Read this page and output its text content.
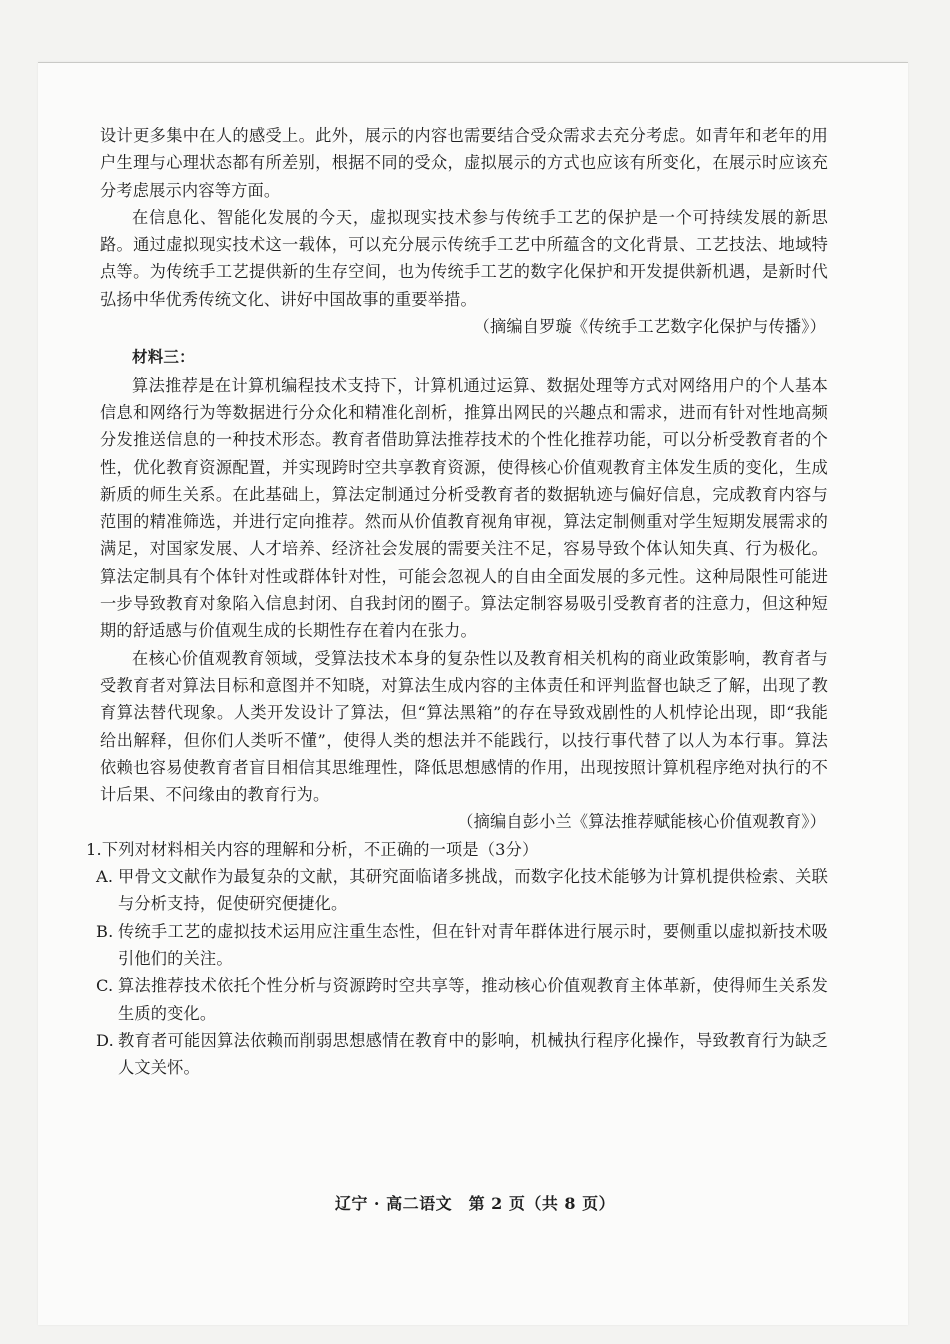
设计更多集中在人的感受上。此外，展示的内容也需要结合受众需求去充分考虑。如青年和老年的用户生理与心理状态都有所差别，根据不同的受众，虚拟展示的方式也应该有所变化，在展示时应该充分考虑展示内容等方面。

在信息化、智能化发展的今天，虚拟现实技术参与传统手工艺的保护是一个可持续发展的新思路。通过虚拟现实技术这一载体，可以充分展示传统手工艺中所蕴含的文化背景、工艺技法、地域特点等。为传统手工艺提供新的生存空间，也为传统手工艺的数字化保护和开发提供新机遇，是新时代弘扬中华优秀传统文化、讲好中国故事的重要举措。

（摘编自罗璇《传统手工艺数字化保护与传播》）

材料三：

算法推荐是在计算机编程技术支持下，计算机通过运算、数据处理等方式对网络用户的个人基本信息和网络行为等数据进行分众化和精准化剖析，推算出网民的兴趣点和需求，进而有针对性地高频分发推送信息的一种技术形态。教育者借助算法推荐技术的个性化推荐功能，可以分析受教育者的个性，优化教育资源配置，并实现跨时空共享教育资源，使得核心价值观教育主体发生质的变化，生成新质的师生关系。在此基础上，算法定制通过分析受教育者的数据轨迹与偏好信息，完成教育内容与范围的精准筛选，并进行定向推荐。然而从价值教育视角审视，算法定制侧重对学生短期发展需求的满足，对国家发展、人才培养、经济社会发展的需要关注不足，容易导致个体认知失真、行为极化。算法定制具有个体针对性或群体针对性，可能会忽视人的自由全面发展的多元性。这种局限性可能进一步导致教育对象陷入信息封闭、自我封闭的圈子。算法定制容易吸引受教育者的注意力，但这种短期的舒适感与价值观生成的长期性存在着内在张力。

在核心价值观教育领域，受算法技术本身的复杂性以及教育相关机构的商业政策影响，教育者与受教育者对算法目标和意图并不知晓，对算法生成内容的主体责任和评判监督也缺乏了解，出现了教育算法替代现象。人类开发设计了算法，但“算法黑箱”的存在导致戏剧性的人机悖论出现，即“我能给出解释，但你们人类听不懂”，使得人类的想法并不能践行，以技行事代替了以人为本行事。算法依赖也容易使教育者盲目相信其思维理性，降低思想感情的作用，出现按照计算机程序绝对执行的不计后果、不问缘由的教育行为。

（摘编自彭小兰《算法推荐赋能核心价值观教育》）

1.下列对材料相关内容的理解和分析，不正确的一项是（3分）

A. 甲骨文文献作为最复杂的文献，其研究面临诸多挑战，而数字化技术能够为计算机提供检索、关联与分析支持，促使研究便捷化。
B. 传统手工艺的虚拟技术运用应注重生态性，但在针对青年群体进行展示时，要侧重以虚拟新技术吸引他们的关注。
C. 算法推荐技术依托个性分析与资源跨时空共享等，推动核心价值观教育主体革新，使得师生关系发生质的变化。
D. 教育者可能因算法依赖而削弱思想感情在教育中的影响，机械执行程序化操作，导致教育行为缺乏人文关怀。
辽宁 · 高二语文　第 2 页（共 8 页）
